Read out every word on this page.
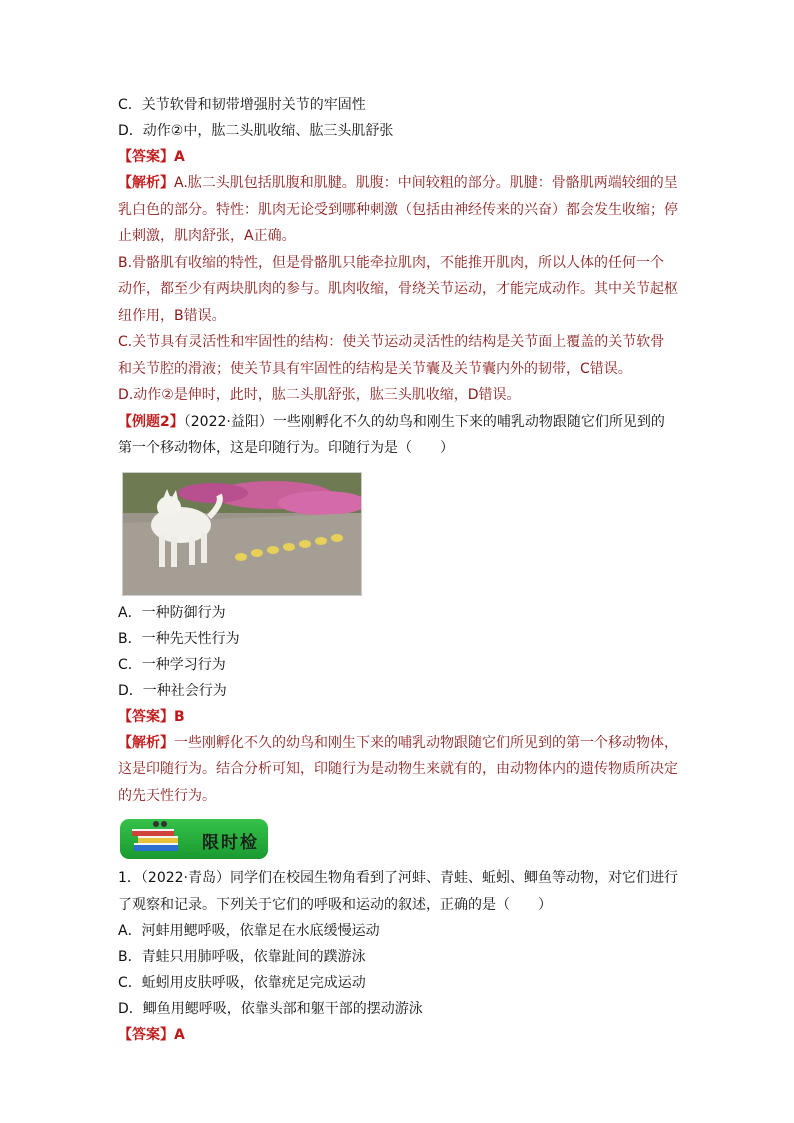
C．关节软骨和韧带增强肘关节的牢固性
D．动作②中，肱二头肌收缩、肱三头肌舒张
【答案】A
【解析】A.肱二头肌包括肌腹和肌腱。肌腹：中间较粗的部分。肌腱：骨骼肌两端较细的呈乳白色的部分。特性：肌肉无论受到哪种刺激（包括由神经传来的兴奋）都会发生收缩；停止刺激，肌肉舒张，A正确。
B.骨骼肌有收缩的特性，但是骨骼肌只能牵拉肌肉，不能推开肌肉，所以人体的任何一个动作，都至少有两块肌肉的参与。肌肉收缩，骨绕关节运动，才能完成动作。其中关节起枢纽作用，B错误。
C.关节具有灵活性和牢固性的结构：使关节运动灵活性的结构是关节面上覆盖的关节软骨和关节腔的滑液；使关节具有牢固性的结构是关节囊及关节囊内外的韧带，C错误。
D.动作②是伸时，此时，肱二头肌舒张，肱三头肌收缩，D错误。
【例题2】（2022·益阳）一些刚孵化不久的幼鸟和刚生下来的哺乳动物跟随它们所见到的第一个移动物体，这是印随行为。印随行为是（　　）
A．一种防御行为
B．一种先天性行为
C．一种学习行为
D．一种社会行为
【答案】B
【解析】一些刚孵化不久的幼鸟和刚生下来的哺乳动物跟随它们所见到的第一个移动物体，这是印随行为。结合分析可知，印随行为是动物生来就有的，由动物体内的遗传物质所决定的先天性行为。
限时检
1．（2022·青岛）同学们在校园生物角看到了河蚌、青蛙、蚯蚓、鲫鱼等动物，对它们进行了观察和记录。下列关于它们的呼吸和运动的叙述，正确的是（　　）
A．河蚌用鳃呼吸，依靠足在水底缓慢运动
B．青蛙只用肺呼吸，依靠趾间的蹼游泳
C．蚯蚓用皮肤呼吸，依靠疣足完成运动
D．鲫鱼用鳃呼吸，依靠头部和躯干部的摆动游泳
【答案】A
